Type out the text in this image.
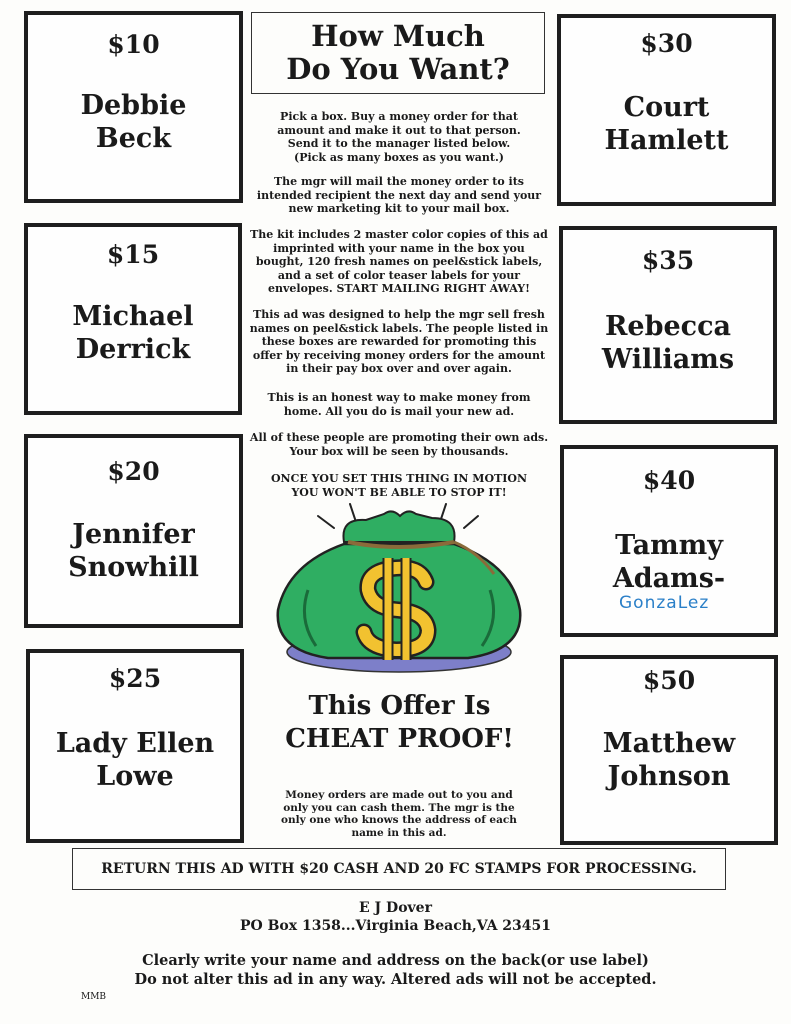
$10
Debbie
Beck
$15
Michael
Derrick
$20
Jennifer
Snowhill
$25
Lady Ellen
Lowe
$30
Court
Hamlett
$35
Rebecca
Williams
$40
Tammy
Adams-
GonzaLez
$50
Matthew
Johnson
How Much
Do You Want?
Pick a box. Buy a money order for that
amount and make it out to that person.
Send it to the manager listed below.
(Pick as many boxes as you want.)
The mgr will mail the money order to its
intended recipient the next day and send your
new marketing kit to your mail box.
The kit includes 2 master color copies of this ad
imprinted with your name in the box you
bought, 120 fresh names on peel&stick labels,
and a set of color teaser labels for your
envelopes. START MAILING RIGHT AWAY!
This ad was designed to help the mgr sell fresh
names on peel&stick labels. The people listed in
these boxes are rewarded for promoting this
offer by receiving money orders for the amount
in their pay box over and over again.
This is an honest way to make money from
home. All you do is mail your new ad.
All of these people are promoting their own ads.
Your box will be seen by thousands.
ONCE YOU SET THIS THING IN MOTION
YOU WON'T BE ABLE TO STOP IT!
This Offer Is
CHEAT PROOF!
Money orders are made out to you and
only you can cash them. The mgr is the
only one who knows the address of each
name in this ad.
RETURN THIS AD WITH $20 CASH AND 20 FC STAMPS FOR PROCESSING.
E J Dover
PO Box 1358...Virginia Beach,VA 23451
Clearly write your name and address on the back(or use label)
Do not alter this ad in any way. Altered ads will not be accepted.
MMB
